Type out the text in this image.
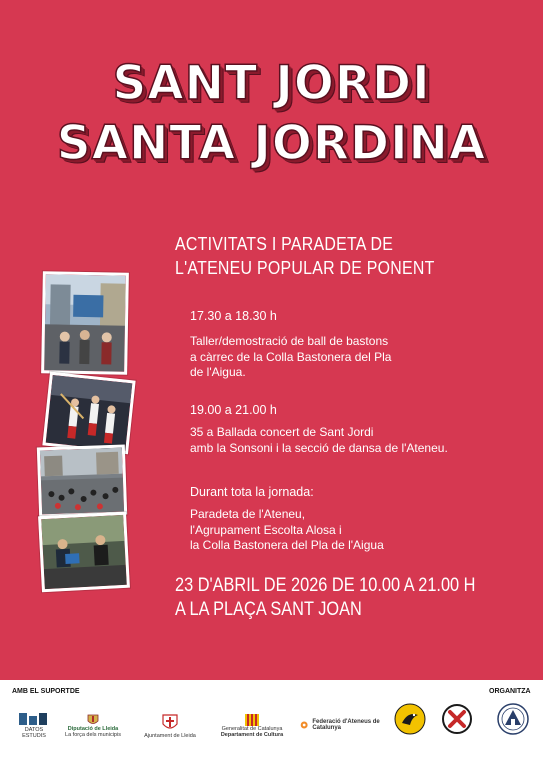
SANT JORDI
SANTA JORDINA
ACTIVITATS I PARADETA DE
L'ATENEU POPULAR DE PONENT
17.30 a 18.30 h
Taller/demostració de ball de bastons
a càrrec de la Colla Bastonera del Pla
de l'Aigua.
19.00 a 21.00 h
35 a Ballada concert de Sant Jordi
amb la Sonsoni i la secció de dansa de l'Ateneu.
Durant tota la jornada:
Paradeta de l'Ateneu,
l'Agrupament Escolta Alosa i
la Colla Bastonera del Pla de l'Aigua
23 D'ABRIL DE 2026 DE 10.00 A 21.00 H
A LA PLAÇA SANT JOAN
AMB EL SUPORTDE	ORGANITZA
DATOS ESTUDIS
Diputació de Lleida
La força dels municipis	Ajuntament de Lleida
Generalitat de Catalunya
Departament de Cultura
Federació d'Ateneus de Catalunya
